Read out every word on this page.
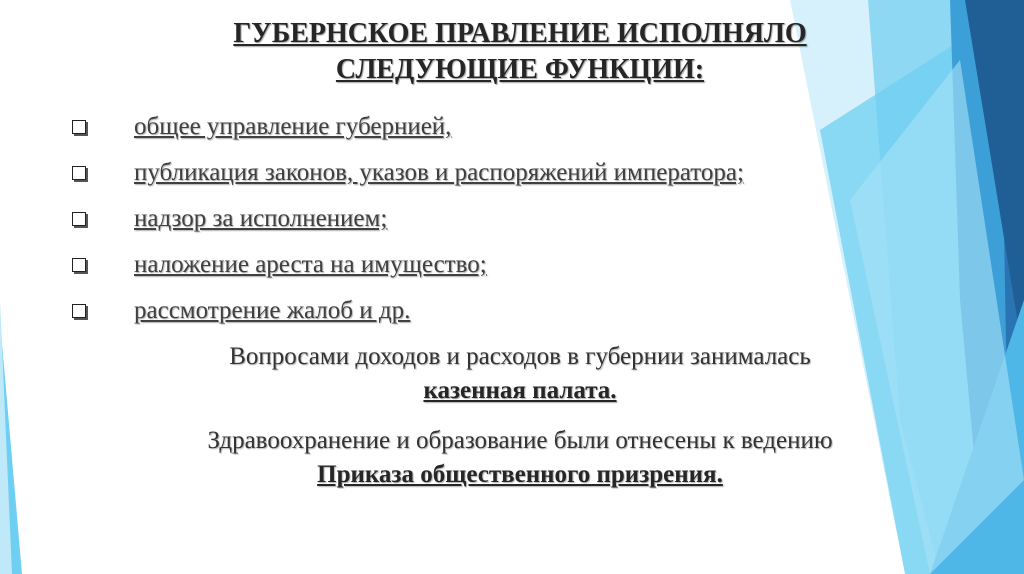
ГУБЕРНСКОЕ ПРАВЛЕНИЕ ИСПОЛНЯЛО
СЛЕДУЮЩИЕ ФУНКЦИИ:
общее управление губернией,
публикация законов, указов и распоряжений императора;
надзор за исполнением;
наложение ареста на имущество;
рассмотрение жалоб и др.
Вопросами доходов и расходов в губернии занималась
казенная палата.
Здравоохранение и образование были отнесены к ведению
Приказа общественного призрения.
